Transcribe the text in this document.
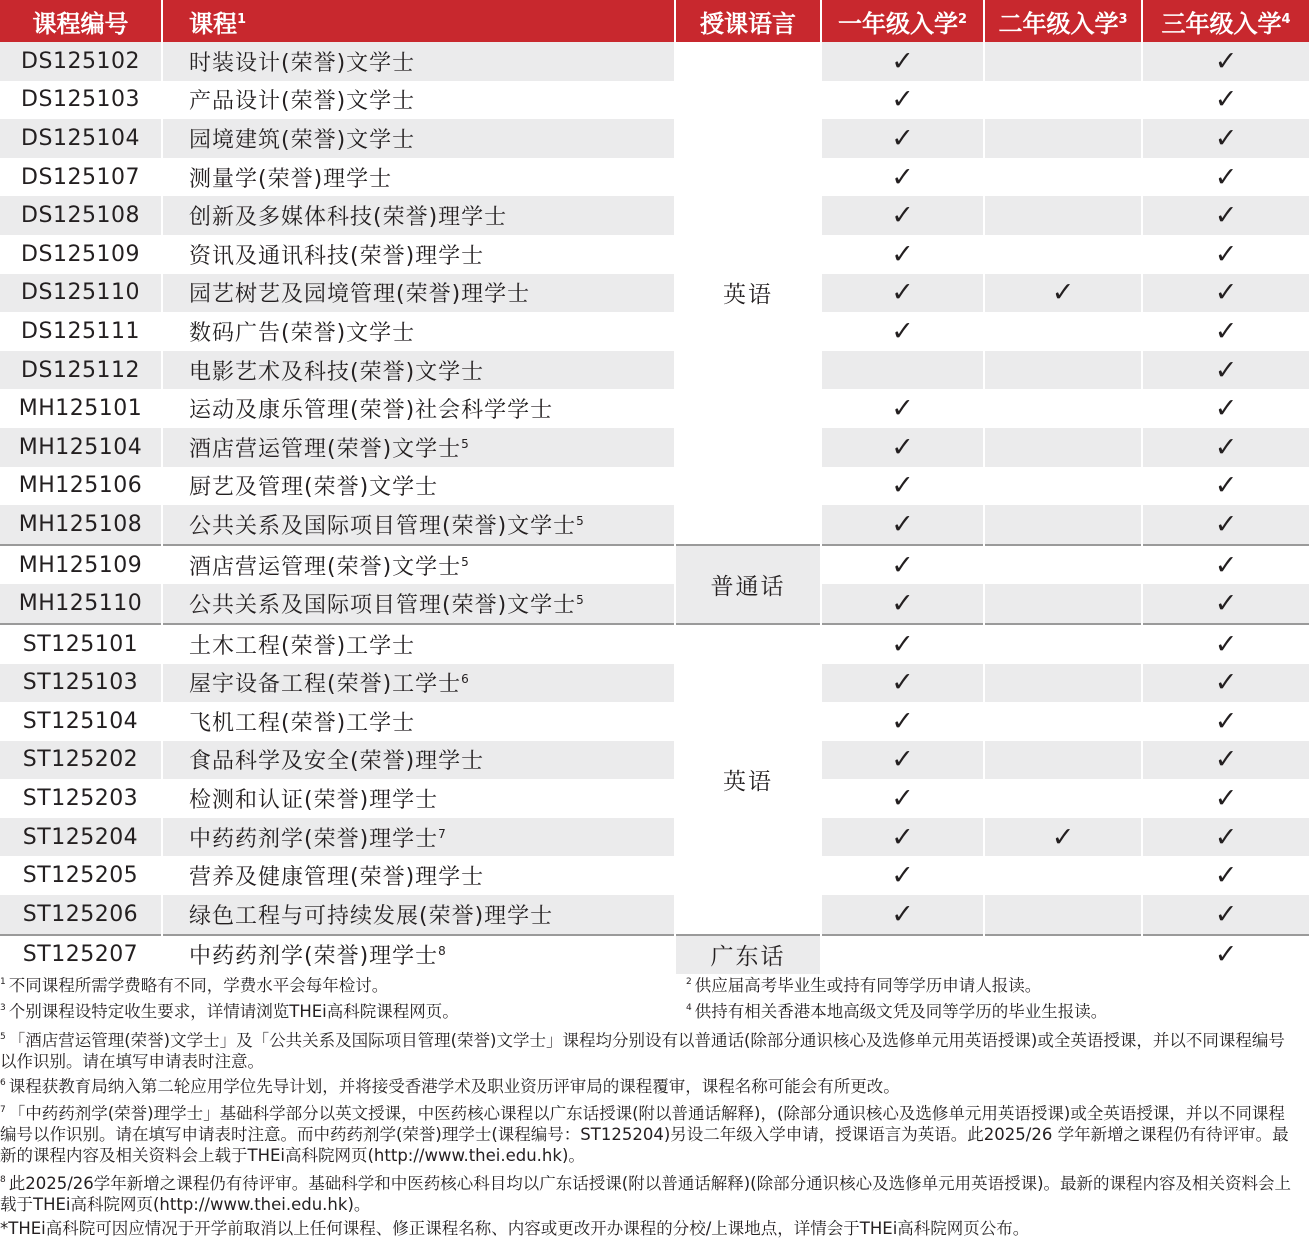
课程编号	课程$^1$	授课语言	一年级入学$^2$	二年级入学$^3$	三年级入学$^4$
DS125102	时装设计(荣誉)文学士	英语	✓		✓
DS125103	产品设计(荣誉)文学士		✓		✓
DS125104	园境建筑(荣誉)文学士		✓		✓
DS125107	测量学(荣誉)理学士		✓		✓
DS125108	创新及多媒体科技(荣誉)理学士		✓		✓
DS125109	资讯及通讯科技(荣誉)理学士		✓		✓
DS125110	园艺树艺及园境管理(荣誉)理学士		✓	✓	✓
DS125111	数码广告(荣誉)文学士		✓		✓
DS125112	电影艺术及科技(荣誉)文学士				✓
MH125101	运动及康乐管理(荣誉)社会科学学士		✓		✓
MH125104	酒店营运管理(荣誉)文学士$^5$		✓		✓
MH125106	厨艺及管理(荣誉)文学士		✓		✓
MH125108	公共关系及国际项目管理(荣誉)文学士$^5$		✓		✓
MH125109	酒店营运管理(荣誉)文学士$^5$	普通话	✓		✓
MH125110	公共关系及国际项目管理(荣誉)文学士$^5$		✓		✓
ST125101	土木工程(荣誉)工学士	英语	✓		✓
ST125103	屋宇设备工程(荣誉)工学士$^6$		✓		✓
ST125104	飞机工程(荣誉)工学士		✓		✓
ST125202	食品科学及安全(荣誉)理学士		✓		✓
ST125203	检测和认证(荣誉)理学士		✓		✓
ST125204	中药药剂学(荣誉)理学士$^7$		✓	✓	✓
ST125205	营养及健康管理(荣誉)理学士		✓		✓
ST125206	绿色工程与可持续发展(荣誉)理学士		✓		✓
ST125207	中药药剂学(荣誉)理学士$^8$	广东话			✓
$^1$ 不同课程所需学费略有不同，学费水平会每年检讨。	$^2$ 供应届高考毕业生或持有同等学历申请人报读。
$^3$ 个别课程设特定收生要求，详情请浏览THEi高科院课程网页。	$^4$ 供持有相关香港本地高级文凭及同等学历的毕业生报读。
$^5$ 「酒店营运管理(荣誉)文学士」及「公共关系及国际项目管理(荣誉)文学士」课程均分别设有以普通话(除部分通识核心及选修单元用英语授课)或全英语授课，并以不同课程编号以作识别。请在填写申请表时注意。
$^6$ 课程获教育局纳入第二轮应用学位先导计划，并将接受香港学术及职业资历评审局的课程覆审，课程名称可能会有所更改。
$^7$ 「中药药剂学(荣誉)理学士」基础科学部分以英文授课，中医药核心课程以广东话授课(附以普通话解释)，(除部分通识核心及选修单元用英语授课)或全英语授课，并以不同课程编号以作识别。请在填写申请表时注意。而中药药剂学(荣誉)理学士(课程编号：ST125204)另设二年级入学申请，授课语言为英语。此2025/26 学年新增之课程仍有待评审。最新的课程内容及相关资料会上载于THEi高科院网页(http://www.thei.edu.hk)。
$^8$ 此2025/26学年新增之课程仍有待评审。基础科学和中医药核心科目均以广东话授课(附以普通话解释)(除部分通识核心及选修单元用英语授课)。最新的课程内容及相关资料会上载于THEi高科院网页(http://www.thei.edu.hk)。
*THEi高科院可因应情况于开学前取消以上任何课程、修正课程名称、内容或更改开办课程的分校/上课地点，详情会于THEi高科院网页公布。
